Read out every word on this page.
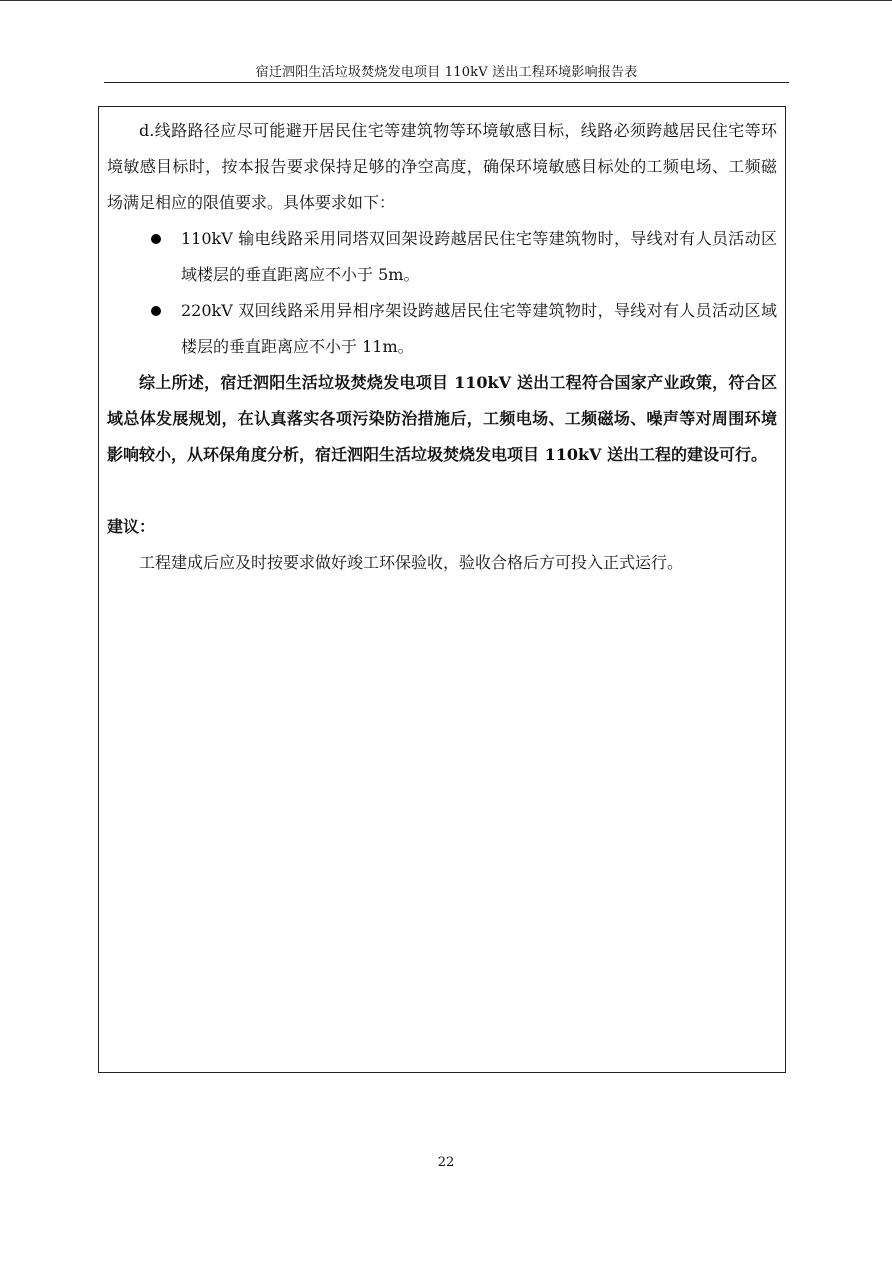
宿迁泗阳生活垃圾焚烧发电项目 110kV 送出工程环境影响报告表

d.线路路径应尽可能避开居民住宅等建筑物等环境敏感目标，线路必须跨越居民住宅等环境敏感目标时，按本报告要求保持足够的净空高度，确保环境敏感目标处的工频电场、工频磁场满足相应的限值要求。具体要求如下：

110kV 输电线路采用同塔双回架设跨越居民住宅等建筑物时，导线对有人员活动区域楼层的垂直距离应不小于 5m。
220kV 双回线路采用异相序架设跨越居民住宅等建筑物时，导线对有人员活动区域楼层的垂直距离应不小于 11m。

综上所述，宿迁泗阳生活垃圾焚烧发电项目 110kV 送出工程符合国家产业政策，符合区域总体发展规划，在认真落实各项污染防治措施后，工频电场、工频磁场、噪声等对周围环境影响较小，从环保角度分析，宿迁泗阳生活垃圾焚烧发电项目 110kV 送出工程的建设可行。

建议：

工程建成后应及时按要求做好竣工环保验收，验收合格后方可投入正式运行。

22
